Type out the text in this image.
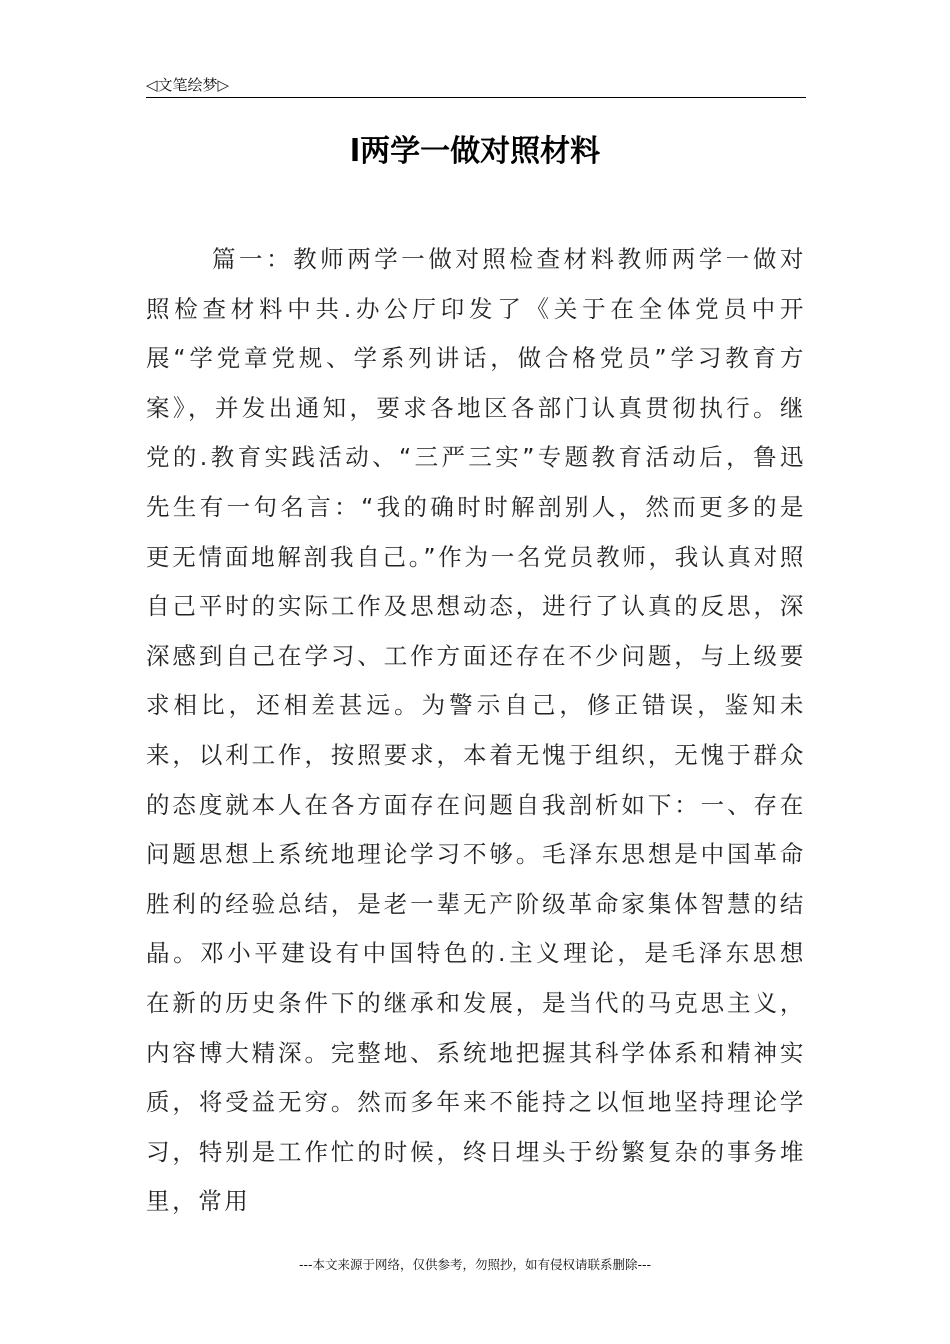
◁文笔绘梦▷
l两学一做对照材料
篇一：教师两学一做对照检查材料教师两学一做对照检查材料中共.办公厅印发了《关于在全体党员中开展“学党章党规、学系列讲话，做合格党员”学习教育方案》，并发出通知，要求各地区各部门认真贯彻执行。继党的.教育实践活动、“三严三实”专题教育活动后，鲁迅先生有一句名言：“我的确时时解剖别人，然而更多的是更无情面地解剖我自己。”作为一名党员教师，我认真对照自己平时的实际工作及思想动态，进行了认真的反思，深深感到自己在学习、工作方面还存在不少问题，与上级要求相比，还相差甚远。为警示自己，修正错误，鉴知未来，以利工作，按照要求，本着无愧于组织，无愧于群众的态度就本人在各方面存在问题自我剖析如下：一、存在问题思想上系统地理论学习不够。毛泽东思想是中国革命胜利的经验总结，是老一辈无产阶级革命家集体智慧的结晶。邓小平建设有中国特色的.主义理论，是毛泽东思想在新的历史条件下的继承和发展，是当代的马克思主义，内容博大精深。完整地、系统地把握其科学体系和精神实质，将受益无穷。然而多年来不能持之以恒地坚持理论学习，特别是工作忙的时候，终日埋头于纷繁复杂的事务堆里，常用
---本文来源于网络，仅供参考，勿照抄，如有侵权请联系删除---
